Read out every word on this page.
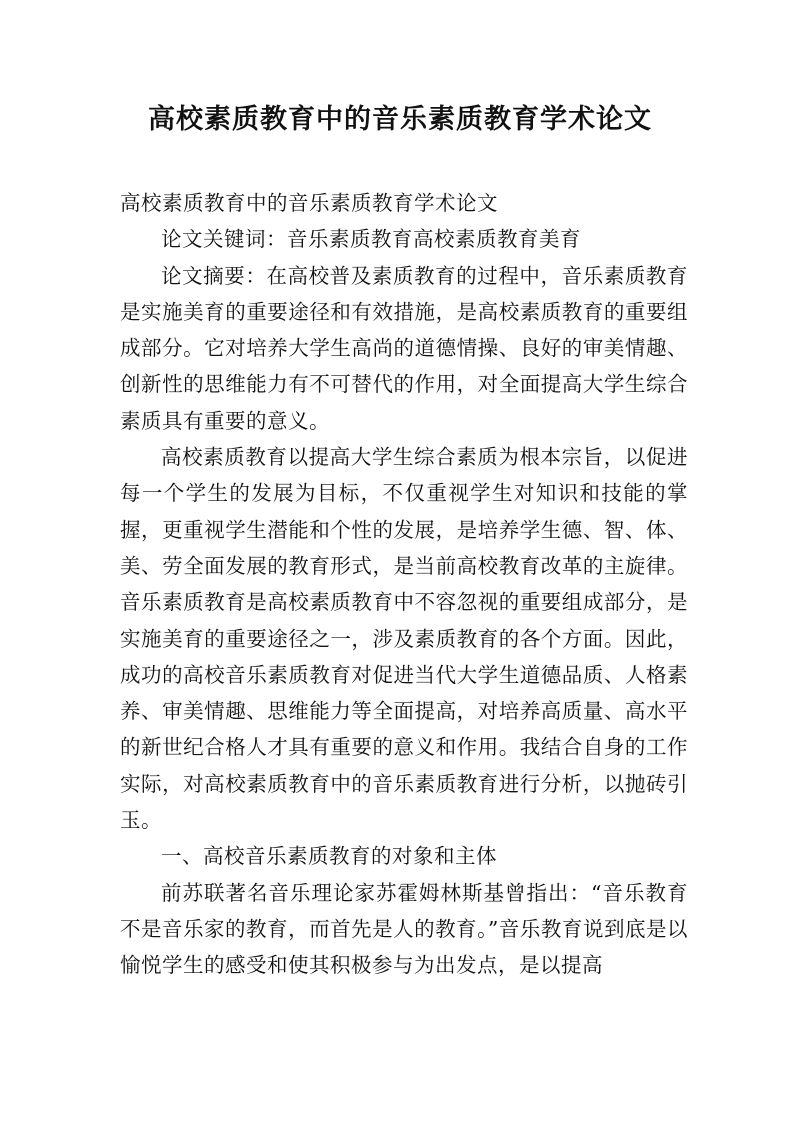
高校素质教育中的音乐素质教育学术论文

高校素质教育中的音乐素质教育学术论文

论文关键词：音乐素质教育高校素质教育美育

论文摘要：在高校普及素质教育的过程中，音乐素质教育是实施美育的重要途径和有效措施，是高校素质教育的重要组成部分。它对培养大学生高尚的道德情操、良好的审美情趣、创新性的思维能力有不可替代的作用，对全面提高大学生综合素质具有重要的意义。

高校素质教育以提高大学生综合素质为根本宗旨，以促进每一个学生的发展为目标，不仅重视学生对知识和技能的掌握，更重视学生潜能和个性的发展，是培养学生德、智、体、美、劳全面发展的教育形式，是当前高校教育改革的主旋律。音乐素质教育是高校素质教育中不容忽视的重要组成部分，是实施美育的重要途径之一，涉及素质教育的各个方面。因此，成功的高校音乐素质教育对促进当代大学生道德品质、人格素养、审美情趣、思维能力等全面提高，对培养高质量、高水平的新世纪合格人才具有重要的意义和作用。我结合自身的工作实际，对高校素质教育中的音乐素质教育进行分析，以抛砖引玉。

一、高校音乐素质教育的对象和主体

前苏联著名音乐理论家苏霍姆林斯基曾指出：“音乐教育不是音乐家的教育，而首先是人的教育。”音乐教育说到底是以愉悦学生的感受和使其积极参与为出发点，是以提高
